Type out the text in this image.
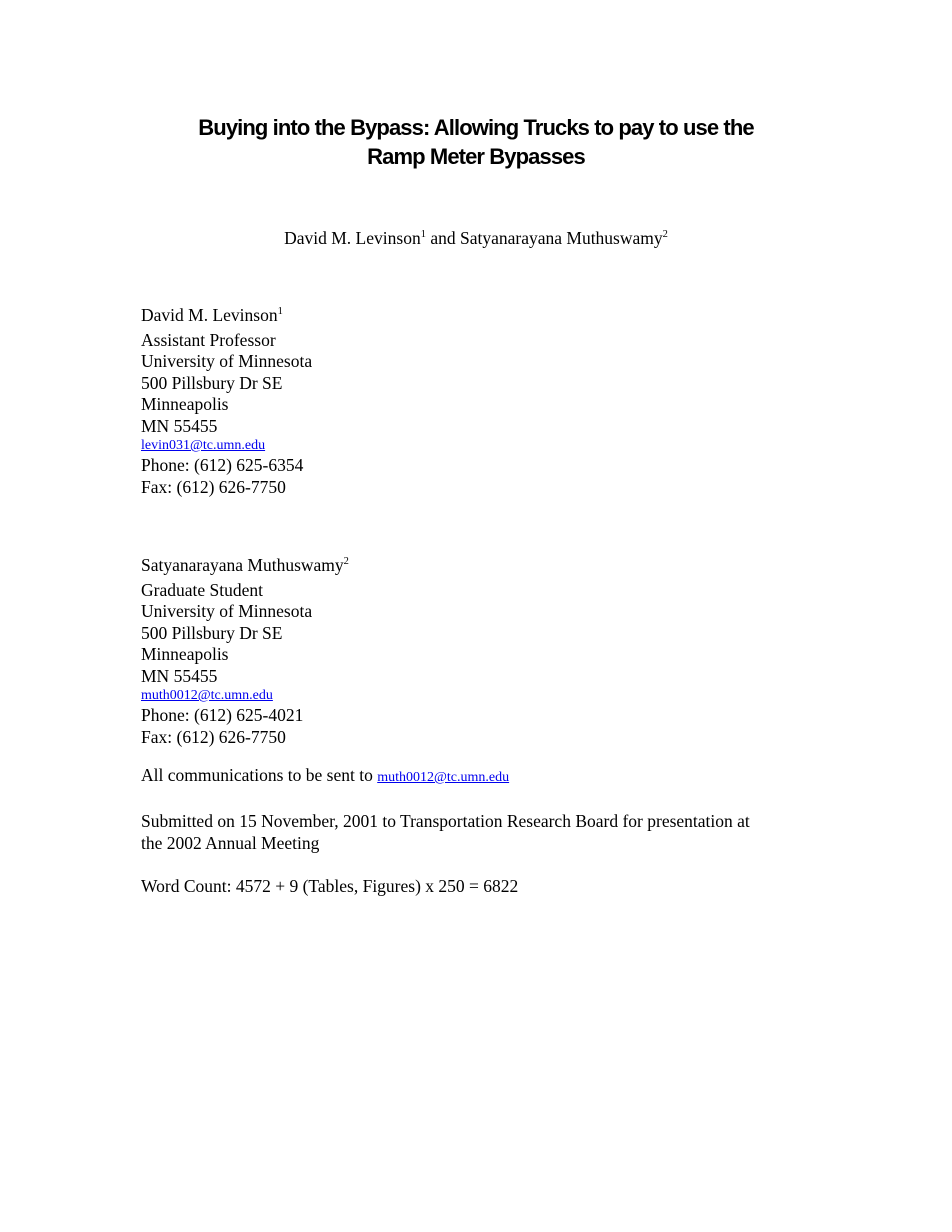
Buying into the Bypass: Allowing Trucks to pay to use the
Ramp Meter Bypasses
David M. Levinson$^1$ and Satyanarayana Muthuswamy$^2$
David M. Levinson$^1$
Assistant Professor
University of Minnesota
500 Pillsbury Dr SE
Minneapolis
MN 55455
levin031@tc.umn.edu
Phone: (612) 625-6354
Fax: (612) 626-7750
Satyanarayana Muthuswamy$^2$
Graduate Student
University of Minnesota
500 Pillsbury Dr SE
Minneapolis
MN 55455
muth0012@tc.umn.edu
Phone: (612) 625-4021
Fax: (612) 626-7750
All communications to be sent to muth0012@tc.umn.edu
Submitted on 15 November, 2001 to Transportation Research Board for presentation at
the 2002 Annual Meeting
Word Count: 4572 + 9 (Tables, Figures) x 250 = 6822
